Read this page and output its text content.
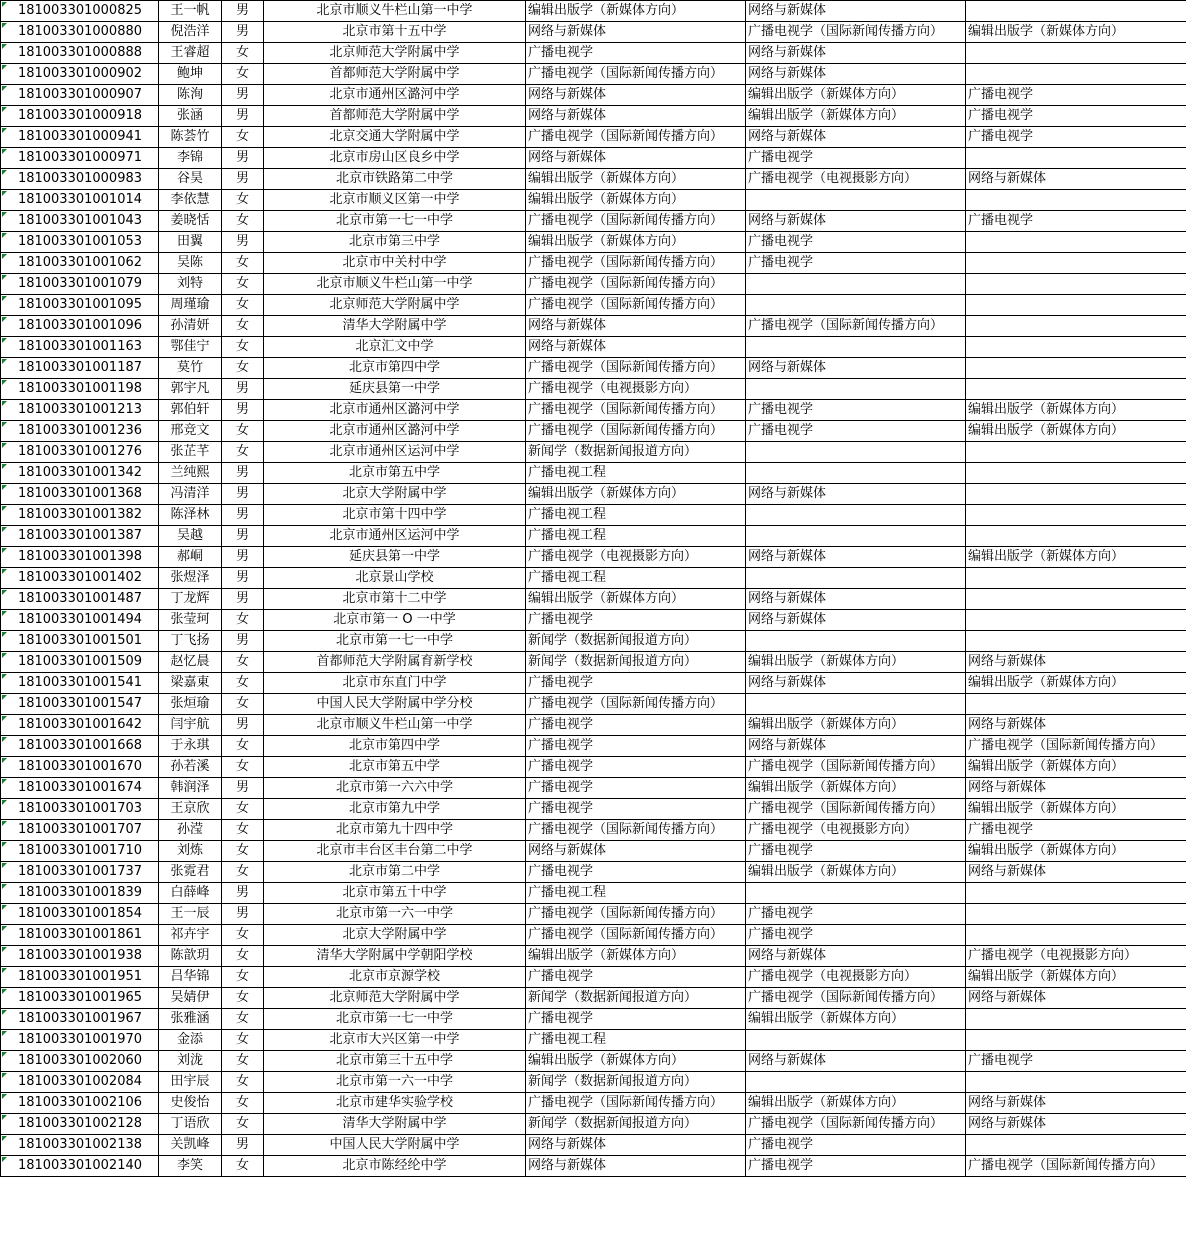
181003301000825	王一帆	男	北京市顺义牛栏山第一中学	编辑出版学（新媒体方向）	网络与新媒体	
181003301000880	倪浩洋	男	北京市第十五中学	网络与新媒体	广播电视学（国际新闻传播方向）	编辑出版学（新媒体方向）
181003301000888	王睿超	女	北京师范大学附属中学	广播电视学	网络与新媒体	
181003301000902	鲍坤	女	首都师范大学附属中学	广播电视学（国际新闻传播方向）	网络与新媒体	
181003301000907	陈洵	男	北京市通州区潞河中学	网络与新媒体	编辑出版学（新媒体方向）	广播电视学
181003301000918	张涵	男	首都师范大学附属中学	网络与新媒体	编辑出版学（新媒体方向）	广播电视学
181003301000941	陈荟竹	女	北京交通大学附属中学	广播电视学（国际新闻传播方向）	网络与新媒体	广播电视学
181003301000971	李锦	男	北京市房山区良乡中学	网络与新媒体	广播电视学	
181003301000983	谷昊	男	北京市铁路第二中学	编辑出版学（新媒体方向）	广播电视学（电视摄影方向）	网络与新媒体
181003301001014	李依慧	女	北京市顺义区第一中学	编辑出版学（新媒体方向）		
181003301001043	姜晓恬	女	北京市第一七一中学	广播电视学（国际新闻传播方向）	网络与新媒体	广播电视学
181003301001053	田翼	男	北京市第三中学	编辑出版学（新媒体方向）	广播电视学	
181003301001062	吴陈	女	北京市中关村中学	广播电视学（国际新闻传播方向）	广播电视学	
181003301001079	刘特	女	北京市顺义牛栏山第一中学	广播电视学（国际新闻传播方向）		
181003301001095	周瑾瑜	女	北京师范大学附属中学	广播电视学（国际新闻传播方向）		
181003301001096	孙清妍	女	清华大学附属中学	网络与新媒体	广播电视学（国际新闻传播方向）	
181003301001163	鄂佳宁	女	北京汇文中学	网络与新媒体		
181003301001187	莫竹	女	北京市第四中学	广播电视学（国际新闻传播方向）	网络与新媒体	
181003301001198	郭宇凡	男	延庆县第一中学	广播电视学（电视摄影方向）		
181003301001213	郭伯轩	男	北京市通州区潞河中学	广播电视学（国际新闻传播方向）	广播电视学	编辑出版学（新媒体方向）
181003301001236	邢竞文	女	北京市通州区潞河中学	广播电视学（国际新闻传播方向）	广播电视学	编辑出版学（新媒体方向）
181003301001276	张芷芊	女	北京市通州区运河中学	新闻学（数据新闻报道方向）		
181003301001342	兰纯熙	男	北京市第五中学	广播电视工程		
181003301001368	冯清洋	男	北京大学附属中学	编辑出版学（新媒体方向）	网络与新媒体	
181003301001382	陈泽林	男	北京市第十四中学	广播电视工程		
181003301001387	吴越	男	北京市通州区运河中学	广播电视工程		
181003301001398	郝峒	男	延庆县第一中学	广播电视学（电视摄影方向）	网络与新媒体	编辑出版学（新媒体方向）
181003301001402	张煜泽	男	北京景山学校	广播电视工程		
181003301001487	丁龙辉	男	北京市第十二中学	编辑出版学（新媒体方向）	网络与新媒体	
181003301001494	张莹珂	女	北京市第一 O 一中学	广播电视学	网络与新媒体	
181003301001501	丁飞扬	男	北京市第一七一中学	新闻学（数据新闻报道方向）		
181003301001509	赵忆晨	女	首都师范大学附属育新学校	新闻学（数据新闻报道方向）	编辑出版学（新媒体方向）	网络与新媒体
181003301001541	梁嘉東	女	北京市东直门中学	广播电视学	网络与新媒体	编辑出版学（新媒体方向）
181003301001547	张烜瑜	女	中国人民大学附属中学分校	广播电视学（国际新闻传播方向）		
181003301001642	闫宇航	男	北京市顺义牛栏山第一中学	广播电视学	编辑出版学（新媒体方向）	网络与新媒体
181003301001668	于永琪	女	北京市第四中学	广播电视学	网络与新媒体	广播电视学（国际新闻传播方向）
181003301001670	孙若溪	女	北京市第五中学	广播电视学	广播电视学（国际新闻传播方向）	编辑出版学（新媒体方向）
181003301001674	韩润泽	男	北京市第一六六中学	广播电视学	编辑出版学（新媒体方向）	网络与新媒体
181003301001703	王京欣	女	北京市第九中学	广播电视学	广播电视学（国际新闻传播方向）	编辑出版学（新媒体方向）
181003301001707	孙滢	女	北京市第九十四中学	广播电视学（国际新闻传播方向）	广播电视学（电视摄影方向）	广播电视学
181003301001710	刘炼	女	北京市丰台区丰台第二中学	网络与新媒体	广播电视学	编辑出版学（新媒体方向）
181003301001737	张霓君	女	北京市第二中学	广播电视学	编辑出版学（新媒体方向）	网络与新媒体
181003301001839	白薛峰	男	北京市第五十中学	广播电视工程		
181003301001854	王一辰	男	北京市第一六一中学	广播电视学（国际新闻传播方向）	广播电视学	
181003301001861	祁卉宇	女	北京大学附属中学	广播电视学（国际新闻传播方向）	广播电视学	
181003301001938	陈歆玥	女	清华大学附属中学朝阳学校	编辑出版学（新媒体方向）	网络与新媒体	广播电视学（电视摄影方向）
181003301001951	吕华锦	女	北京市京源学校	广播电视学	广播电视学（电视摄影方向）	编辑出版学（新媒体方向）
181003301001965	吴婧伊	女	北京师范大学附属中学	新闻学（数据新闻报道方向）	广播电视学（国际新闻传播方向）	网络与新媒体
181003301001967	张雅涵	女	北京市第一七一中学	广播电视学	编辑出版学（新媒体方向）	
181003301001970	金添	女	北京市大兴区第一中学	广播电视工程		
181003301002060	刘泷	女	北京市第三十五中学	编辑出版学（新媒体方向）	网络与新媒体	广播电视学
181003301002084	田宇辰	女	北京市第一六一中学	新闻学（数据新闻报道方向）		
181003301002106	史俊怡	女	北京市建华实验学校	广播电视学（国际新闻传播方向）	编辑出版学（新媒体方向）	网络与新媒体
181003301002128	丁语欣	女	清华大学附属中学	新闻学（数据新闻报道方向）	广播电视学（国际新闻传播方向）	网络与新媒体
181003301002138	关凯峰	男	中国人民大学附属中学	网络与新媒体	广播电视学	
181003301002140	李笑	女	北京市陈经纶中学	网络与新媒体	广播电视学	广播电视学（国际新闻传播方向）
